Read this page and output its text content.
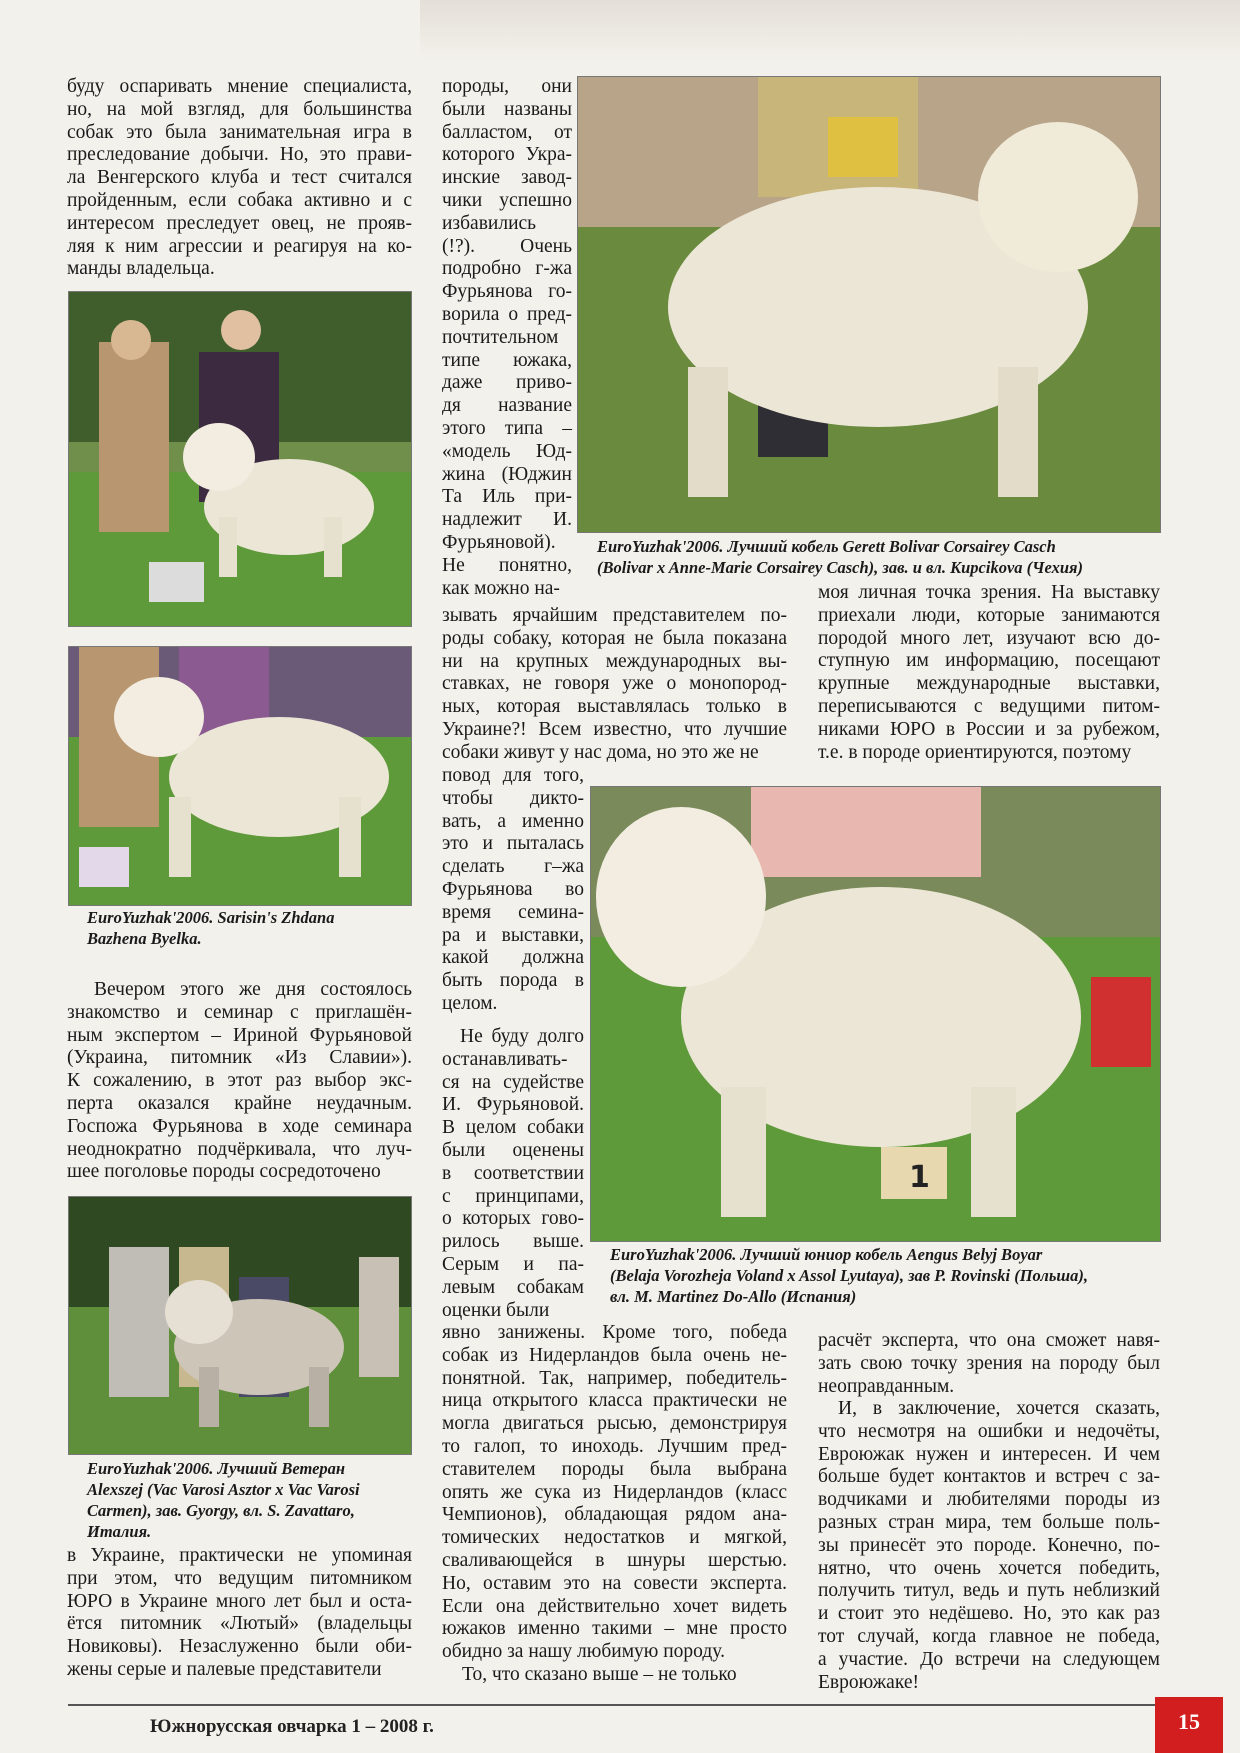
буду оспаривать мнение специалиста,

но, на мой взгляд, для большинства

собак это была занимательная игра в

преследование добычи. Но, это прави-

ла Венгерского клуба и тест считался

пройденным, если собака активно и с

интересом преследует овец, не прояв-

ляя к ним агрессии и реагируя на ко-

манды владельца.

EuroYuzhak'2006. Sarisin's Zhdana

Bazhena Byelka.

Вечером этого же дня состоялось

знакомство и семинар с приглашён-

ным экспертом – Ириной Фурьяновой

(Украина, питомник «Из Славии»).

К сожалению, в этот раз выбор экс-

перта оказался крайне неудачным.

Госпожа Фурьянова в ходе семинара

неоднократно подчёркивала, что луч-

шее поголовье породы сосредоточено

EuroYuzhak'2006. Лучший Ветеран

Alexszej (Vac Varosi Asztor x Vac Varosi

Carmen), зав. Gyorgy, вл. S. Zavattaro,

Италия.

в Украине, практически не упоминая

при этом, что ведущим питомником

ЮРО в Украине много лет был и оста-

ётся питомник «Лютый» (владельцы

Новиковы). Незаслуженно были оби-

жены серые и палевые представители

породы, они

были названы

балластом, от

которого Укра-

инские завод-

чики успешно

избавились

(!?). Очень

подробно г-жа

Фурьянова го-

ворила о пред-

почтительном

типе южака,

даже приво-

дя название

этого типа –

«модель Юд-

жина (Юджин

Та Иль при-

надлежит И.

Фурьяновой).

Не понятно,

как можно на-

EuroYuzhak'2006. Лучший кобель Gerett Bolivar Corsairey Casch

(Bolivar x Anne-Marie Corsairey Casch), зав. и вл. Kupcikova (Чехия)

зывать ярчайшим представителем по-

роды собаку, которая не была показана

ни на крупных международных вы-

ставках, не говоря уже о монопород-

ных, которая выставлялась только в

Украине?! Всем известно, что лучшие

собаки живут у нас дома, но это же не

моя личная точка зрения. На выставку

приехали люди, которые занимаются

породой много лет, изучают всю до-

ступную им информацию, посещают

крупные международные выставки,

переписываются с ведущими питом-

никами ЮРО в России и за рубежом,

т.е. в породе ориентируются, поэтому

повод для того,

чтобы дикто-

вать, а именно

это и пыталась

сделать г–жа

Фурьянова во

время семина-

ра и выставки,

какой должна

быть порода в

целом.

1

EuroYuzhak'2006. Лучший юниор кобель Aengus Belyj Boyar

(Belaja Vorozheja Voland x Assol Lyutaya), зав P. Rovinski (Польша),

вл. M. Martinez Do-Allo (Испания)

Не буду долго

останавливать-

ся на судействе

И. Фурьяновой.

В целом собаки

были оценены

в соответствии

с принципами,

о которых гово-

рилось выше.

Серым и па-

левым собакам

оценки были

явно занижены. Кроме того, победа

собак из Нидерландов была очень не-

понятной. Так, например, победитель-

ница открытого класса практически не

могла двигаться рысью, демонстрируя

то галоп, то иноходь. Лучшим пред-

ставителем породы была выбрана

опять же сука из Нидерландов (класс

Чемпионов), обладающая рядом ана-

томических недостатков и мягкой,

сваливающейся в шнуры шерстью.

Но, оставим это на совести эксперта.

Если она действительно хочет видеть

южаков именно такими – мне просто

обидно за нашу любимую породу.

То, что сказано выше – не только

расчёт эксперта, что она сможет навя-

зать свою точку зрения на породу был

неоправданным.

И, в заключение, хочется сказать,

что несмотря на ошибки и недочёты,

Евроюжак нужен и интересен. И чем

больше будет контактов и встреч с за-

водчиками и любителями породы из

разных стран мира, тем больше поль-

зы принесёт это породе. Конечно, по-

нятно, что очень хочется победить,

получить титул, ведь и путь неблизкий

и стоит это недёшево. Но, это как раз

тот случай, когда главное не победа,

а участие. До встречи на следующем

Евроюжаке!

Южнорусская овчарка 1 – 2008 г.	15
